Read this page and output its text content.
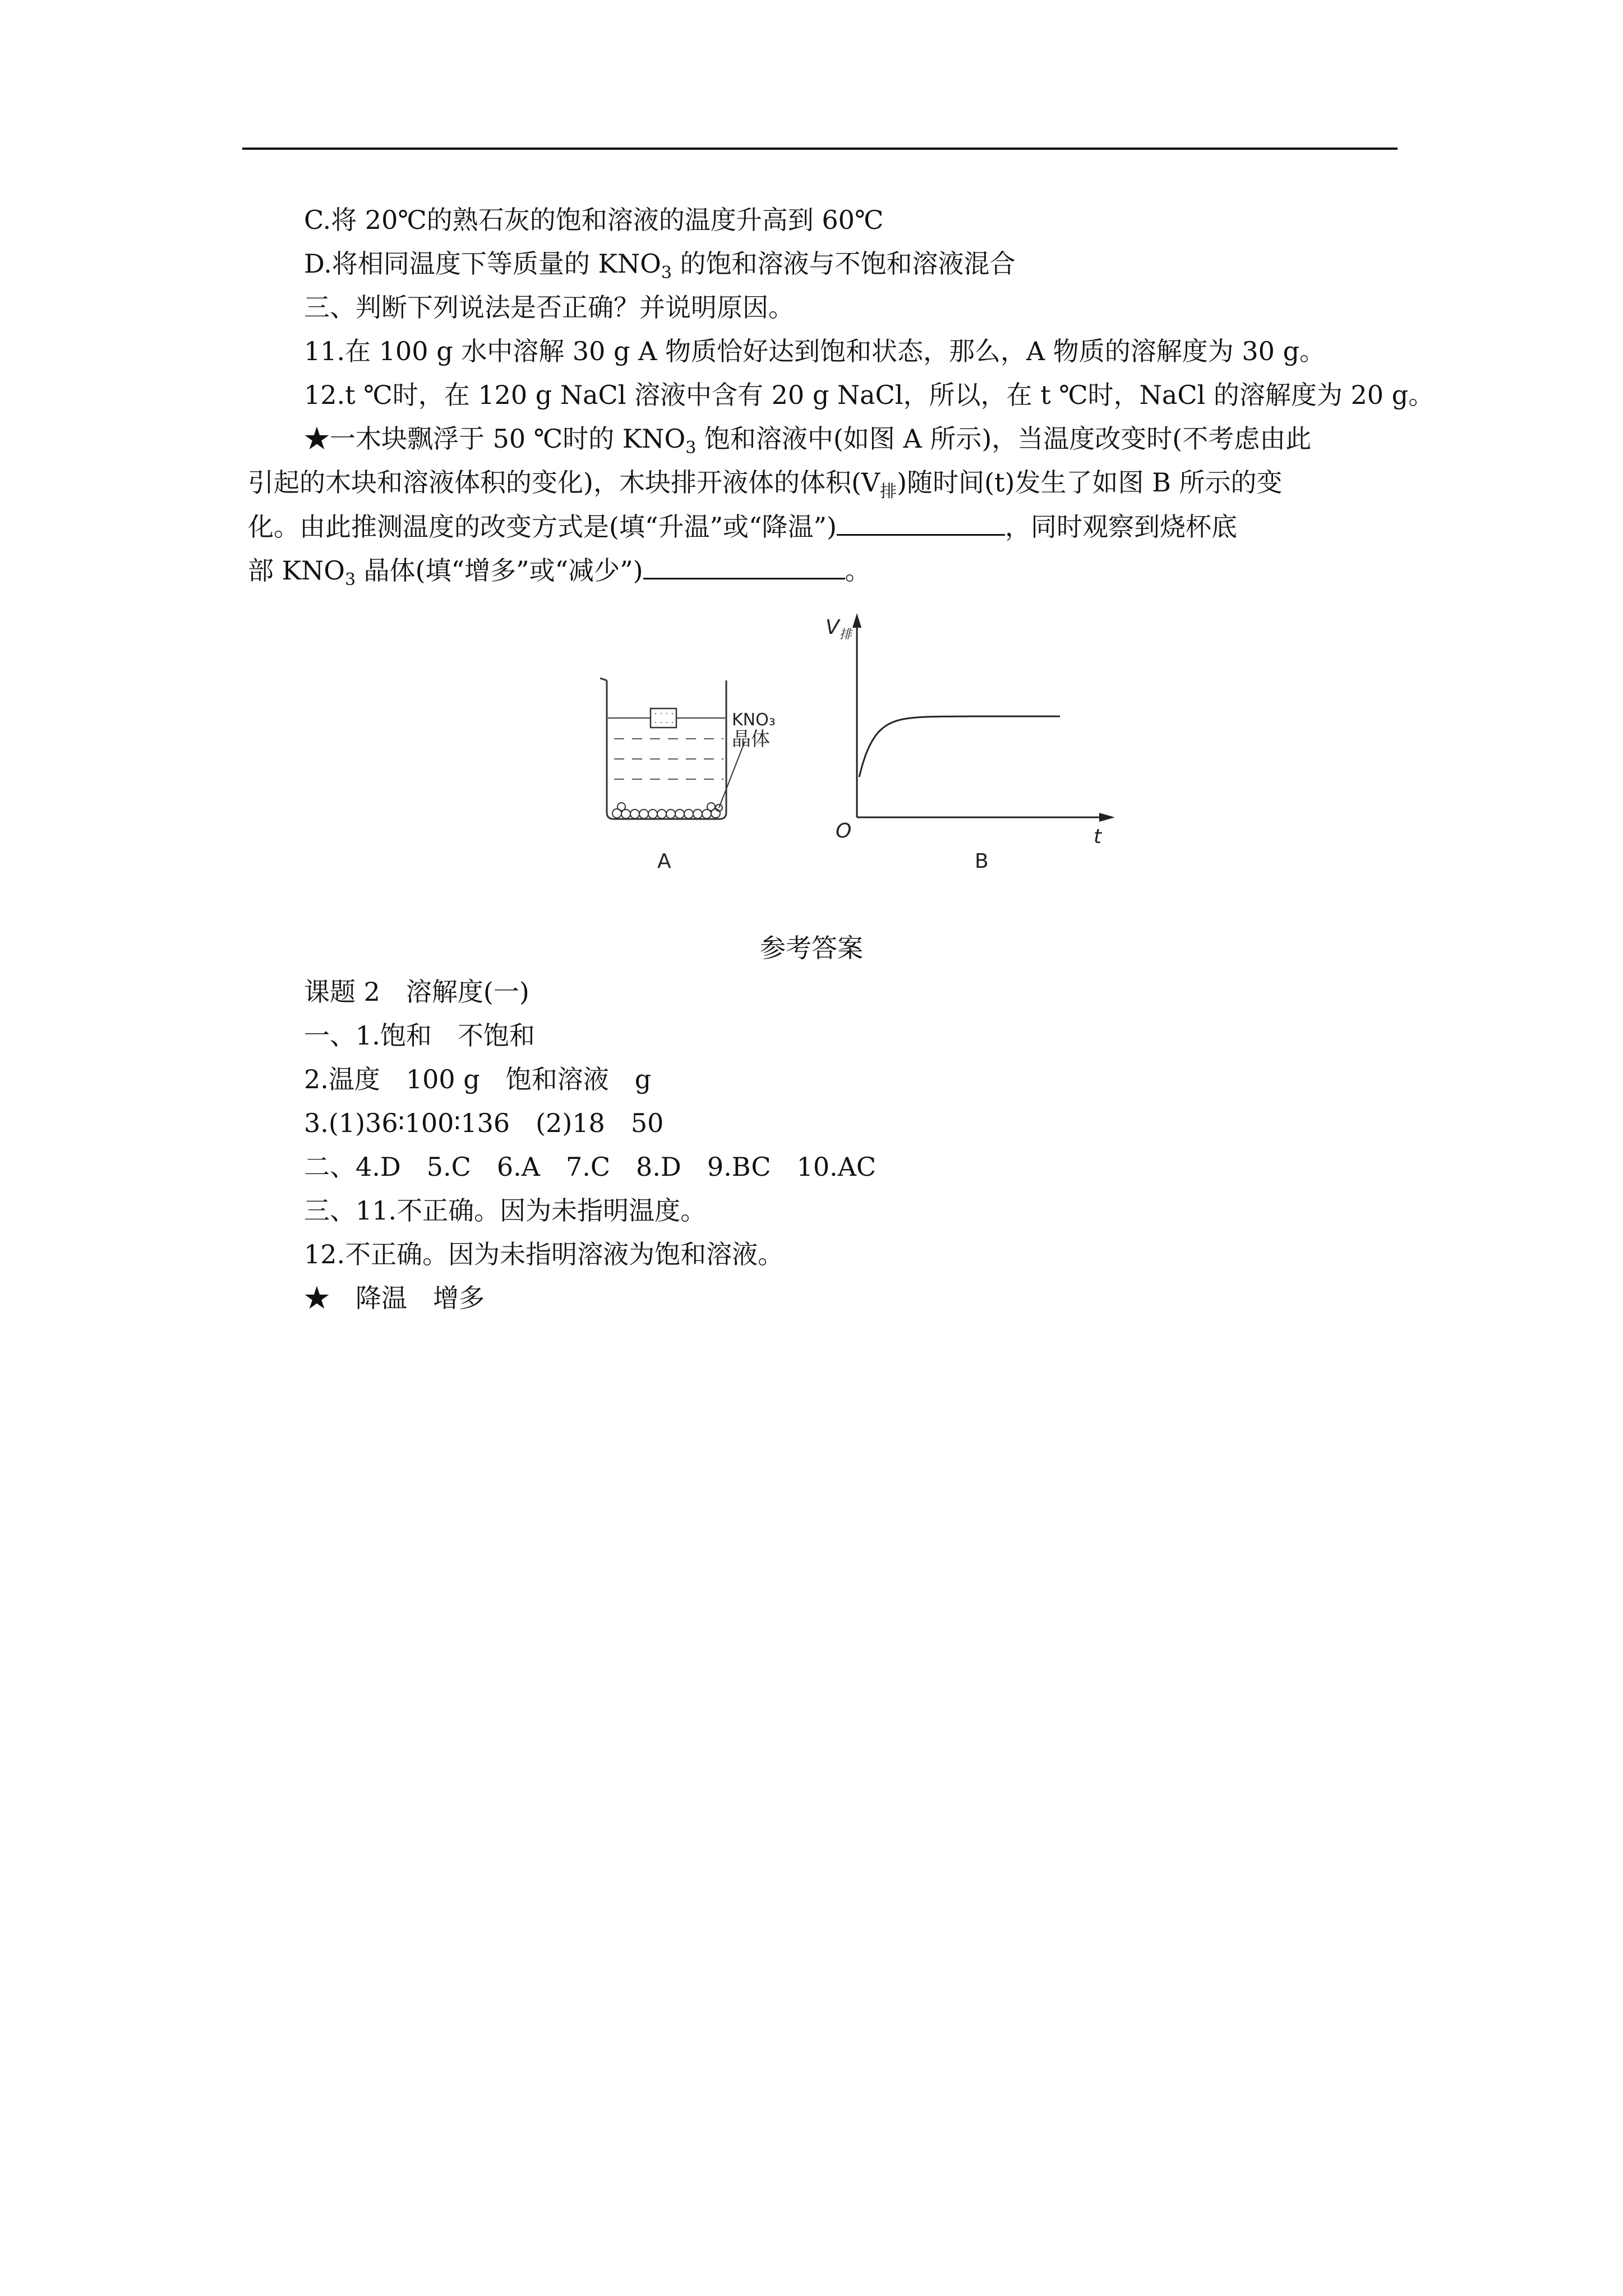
C.将 20℃的熟石灰的饱和溶液的温度升高到 60℃
D.将相同温度下等质量的 $KNO_3$ 的饱和溶液与不饱和溶液混合
三、判断下列说法是否正确？并说明原因。
11.在 100 g 水中溶解 30 g A 物质恰好达到饱和状态，那么，A 物质的溶解度为 30 g。
12.t ℃时，在 120 g NaCl 溶液中含有 20 g NaCl，所以，在 t ℃时，NaCl 的溶解度为 20 g。
★一木块飘浮于 50 ℃时的 $KNO_3$ 饱和溶液中(如图 A 所示)，当温度改变时(不考虑由此
引起的木块和溶液体积的变化)，木块排开液体的体积$(V_排)$随时间(t)发生了如图 B 所示的变
化。由此推测温度的改变方式是(填“升温”或“降温”)	，同时观察到烧杯底
部 $KNO_3$ 晶体(填“增多”或“减少”)	。
KNO₃
晶体
A
$V_排$
t
O
B
参考答案
课题 2　溶解度(一)
一、1.饱和　不饱和
2.温度　100 g　饱和溶液　g
3.(1)36∶100∶136　(2)18　50
二、4.D　5.C　6.A　7.C　8.D　9.BC　10.AC
三、11.不正确。因为未指明温度。
12.不正确。因为未指明溶液为饱和溶液。
★　降温　增多
